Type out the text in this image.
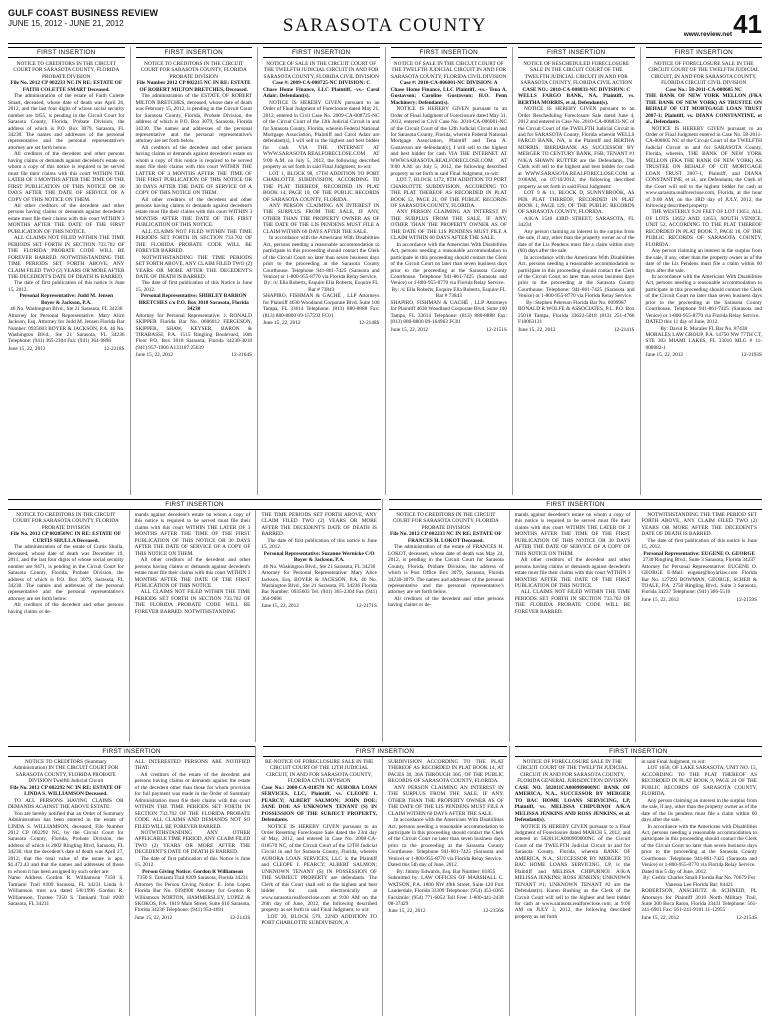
GULF COAST BUSINESS REVIEW
JUNE 15, 2012 - JUNE 21, 2012	SARASOTA COUNTY	www.review.net 41
FIRST INSERTION

NOTICE TO CREDITORS IN THE CIRCUIT COURT FOR SARASOTA COUNTY, FLORIDA PROBATE DIVISION

File No. 2012 CP 002233 NC IN RE: ESTATE OF FAITH COLETTE SMART Deceased.

The administration of the estate of Faith Colette Smart, deceased, whose date of death was April 26, 2012, and the last four digits of whose social security number are 1855, is pending in the Circuit Court for Sarasota County, Florida, Probate Division, the address of which is P.O. Box 3079, Sarasota, FL 34230. The names and addresses of the personal representative and the personal representative's attorney are set forth below.

All creditors of the decedent and other persons having claims or demands against decedent's estate on whom a copy of this notice is required to be served must file their claims with this court WITHIN THE LATER OF 3 MONTHS AFTER THE TIME OF THE FIRST PUBLICATION OF THIS NOTICE OR 30 DAYS AFTER THE DATE OF SERVICE OF A COPY OF THIS NOTICE ON THEM.

All other creditors of the decedent and other persons having claims or demands against decedent's estate must file their claims with this court WITHIN 3 MONTHS AFTER THE DATE OF THE FIRST PUBLICATION OF THIS NOTICE.

ALL CLAIMS NOT FILED WITHIN THE TIME PERIODS SET FORTH IN SECTION 733.702 OF THE FLORIDA PROBATE CODE WILL BE FOREVER BARRED. NOTWITHSTANDING THE TIME PERIODS SET FORTH ABOVE, ANY CLAIM FILED TWO (2) YEARS OR MORE AFTER THE DECEDENT'S DATE OF DEATH IS BARRED.

The date of first publication of this notice is June 15, 2012.

Personal Representative: Judd M. Jensen

Boyer & Jackson, P.A.

46 No. Washington Blvd., Ste 21 Sarasota, FL 34236

Attorney for Personal Representative: Mary Alice Jackson, Esq. Attorney for Judd M. Jensen Florida Bar Number: 0935603 BOYER & JACKSON, P.A. 46 No. Washington Blvd., Ste 21 Sarasota, FL 34236 Telephone: (941) 365-2304 Fax: (941) 364-9896

June 15, 22, 2012	12-2218S
FIRST INSERTION

NOTICE TO CREDITORS IN THE CIRCUIT COURT FOR SARASOTA COUNTY, FLORIDA PROBATE DIVISION

File Number 2012 CP 002215 NC IN RE: ESTATE OF ROBERT MILTON BRETCHES, Deceased.

The administration of the ESTATE OF ROBERT MILTON BRETCHES, deceased, whose date of death was February 15, 2012, is pending in the Circuit Court for Sarasota County, Florida, Probate Division, the address of which is P.O. Box 3079, Sarasota, Florida 34230. The names and addresses of the personal representative and the personal representative's attorney are set forth below.

All creditors of the decedent and other persons having claims or demands against decedent's estate on whom a copy of this notice is required to be served must file their claims with this court WITHIN THE LATTER OF 3 MONTHS AFTER THE TIME OF THE FIRST PUBLICATION OF THIS NOTICE OR 30 DAYS AFTER THE DATE OF SERVICE OF A COPY OF THIS NOTICE ON THEM.

All other creditors of the decedent and other persons having claims or demands against decedent's estate must file their claims with this court WITHIN 3 MONTHS AFTER THE DATE OF THE FIRST PUBLICATION OF THIS NOTICE.

ALL CLAIMS NOT FILED WITHIN THE TIME PERIODS SET FORTH IN SECTION 733.702 OF THE FLORIDA PROBATE CODE WILL BE FOREVER BARRED.

NOTWITHSTANDING THE TIME PERIODS SET FORTH ABOVE, ANY CLAIM FILED TWO (2) YEARS OR MORE AFTER THE DECEDENT'S DATE OF DEATH IS BARRED.

The date of first publication of this Notice is June 15, 2012.

Personal Representative: SHIRLEY BARRON BRETCHES c/o P.O. Box 3018 Sarasota, Florida 34230

Attorney for Personal Representative: J. RONALD SKIPPER Florida Bar No. 0606812 FERGESON, SKIPPER, SHAW, KEYSER, BARON & TIRABASSI, P.A. 1515 Ringling Boulevard, 10th Floor P.O. Box 3018 Sarasota, Florida 34230-3018 (941) 957-1900 A131187.25639

June 15, 22, 2012	12-2164S
FIRST INSERTION

NOTICE OF SALE IN THE CIRCUIT COURT OF THE TWELFTH JUDICIAL CIRCUIT IN AND FOR SARASOTA COUNTY, FLORIDA CIVIL DIVISION

Case #: 2009-CA-008725-NC DIVISION: C

Chase Home Finance, LLC Plaintiff, -vs.- Carol Adair; Defendant(s).

NOTICE IS HEREBY GIVEN pursuant to an Order of Final Judgment of Foreclosure dated May 21, 2012, entered in Civil Case No. 2009-CA-008725-NC of the Circuit Court of the 12th Judicial Circuit in and for Sarasota County, Florida, wherein Federal National Mortgage Association, Plaintiff and Carol Adair are defendant(s), I will sell to the highest and best bidder for cash VIA THE INTERNET AT WWW.SARASOTA.REALFORECLOSE.COM AT 9:00 A.M. on July 5, 2012, the following described property as set forth in said Final Judgment, to-wit:

LOT 1, BLOCK 98, 17TH ADDITION TO PORT CHARLOTTE SUBDIVISION, ACCORDING TO THE PLAT THEREOF, RECORDED IN PLAT BOOK 14, PAGE 10, OF THE PUBLIC RECORDS OF SARASOTA COUNTY, FLORIDA.

ANY PERSON CLAIMING AN INTEREST IN THE SURPLUS FROM THE SALE, IF ANY, OTHER THAN THE PROPERTY OWNER AS OF THE DATE OF THE LIS PENDENS MUST FILE A CLAIM WITHIN 60 DAYS AFTER THE SALE.

In accordance with the Americans With Disabilities Act, persons needing a reasonable accommodation to participate in this proceeding should contact the Clerk of the Circuit Court no later than seven business days prior to the proceeding at the Sarasota County Courthouse. Telephone 941-861-7425 (Sarasota and Venice) or 1-800-955-8770 via Florida Relay Service.

By: /s/ Ella Roberts, Esquire Ella Roberts, Esquire FL Bar # 73843

SHAPIRO, FISHMAN & GACHÉ , LLP Attorneys for Plaintiff 4630 Woodland Corporate Blvd. Suite 100 Tampa, FL 33614 Telephone: (813) 880-8888 Fax: (813) 880-8800 09-157593 FC01

June 15, 22, 2012	12-2148S
FIRST INSERTION

NOTICE OF SALE IN THE CIRCUIT COURT OF THE TWELFTH JUDICIAL CIRCUIT IN AND FOR SARASOTA COUNTY, FLORIDA CIVIL DIVISION

Case #: 2010-CA-006001-NC DIVISION: A

Chase Home Finance, LLC Plaintiff, -vs.- Tena A. Gustavson; Caroline Gustavson; H.O. Penn Machinery; Defendant(s).

NOTICE IS HEREBY GIVEN pursuant to an Order of Final Judgment of Foreclosure dated May 31, 2012, entered in Civil Case No. 2010-CA-006001-NC of the Circuit Court of the 12th Judicial Circuit in and for Sarasota County, Florida, wherein Federal National Mortgage Association, Plaintiff and Tena A. Gustavson are defendant(s), I will sell to the highest and best bidder for cash VIA THE INTERNET AT WWW.SARASOTA.REALFORECLOSE.COM AT 9:00 A.M. on July 5, 2012, the following described property as set forth in said Final Judgment, to-wit:

LOT 7, BLOCK 1172, 8TH ADDITION TO PORT CHARLOTTE SUBDIVISION, ACCORDING TO THE PLAT THEREOF AS RECORDED IN PLAT BOOK 12, PAGE 21, OF THE PUBLIC RECORDS OF SARASOTA COUNTY, FLORIDA.

ANY PERSON CLAIMING AN INTEREST IN THE SURPLUS FROM THE SALE, IF ANY, OTHER THAN THE PROPERTY OWNER AS OF THE DATE OF THE LIS PENDENS MUST FILE A CLAIM WITHIN 60 DAYS AFTER THE SALE.

In accordance with the Americans With Disabilities Act, persons needing a reasonable accommodation to participate in this proceeding should contact the Clerk of the Circuit Court no later than seven business days prior to the proceeding at the Sarasota County Courthouse. Telephone 941-861-7425 (Sarasota and Venice) or 1-800-955-8770 via Florida Relay Service.

By: /s/ Ella Roberts, Esquire Ella Roberts, Esquire FL Bar # 73843

SHAPIRO, FISHMAN & GACHÉ , LLP Attorneys for Plaintiff 4630 Woodland Corporate Blvd. Suite 100 Tampa, FL 33614 Telephone: (813) 880-8888 Fax: (813) 880-8800 09-164963 FC01

June 15, 22, 2012	12-2151S
FIRST INSERTION

NOTICE OF RESCHEDULED FORECLOSURE SALE IN THE CIRCUIT COURT OF THE TWELFTH JUDICIAL CIRCUIT IN AND FOR SARASOTA COUNTY, FLORIDA CIVIL ACTION

CASE NO.: 2010-CA-008833-NC DIVISION: C

WELLS FARGO BANK, NA, Plaintiff, vs. BERTHA MORRIS, et al, Defendant(s).

NOTICE IS HEREBY GIVEN pursuant to an Order Rescheduling Foreclosure Sale dated June 4, 2012 and entered in Case No. 2010-CA-008833-NC of the Circuit Court of the TWELFTH Judicial Circuit in and for SARASOTA County, Florida wherein WELLS FARGO BANK, NA, is the Plaintiff and BERTHA MORRIS; IBERIABANK AS SUCCESSOR BY MERGER TO CENTURY BANK, FSB; TENANT #1 N/K/A SHAWN RUTTER are the Defendants, The Clerk will sell to the highest and best bidder for cash at WWW.SARASOTA.REALFORECLOSE.COM at 9:00AM, on 07/10/2012, the following described property as set forth in said Final Judgment:

LOT 9 & 11, BLOCK D, SUNNYBROOK, AS PER PLAT THEREOF, RECORDED IN PLAT BOOK 1, PAGE 129, OF THE PUBLIC RECORDS OF SARASOTA COUNTY, FLORIDA.

A/K/A 1540 43RD STREET, SARASOTA, FL 34234

Any person claiming an interest in the surplus from the sale, if any, other than the property owner as of the date of the Lis Pendens must file a claim within sixty (60) days after the sale.

In accordance with the Americans With Disabilities Act, persons needing a reasonable accommodation to participate in this proceeding should contact the Clerk of the Circuit Court no later than seven business days prior to the proceeding at the Sarasota County Courthouse. Telephone: 941-861-7425 (Sarasota and Venice) or 1-800-955-8770 via Florida Relay Service.

By: Stephen Peterson Florida Bar No. 0099987

RONALD R WOLFE & ASSOCIATES, P.L. P.O. Box 25018 Tampa, Florida 33622-5018 (813) 251-4766 F10063131

June 15, 22, 2012	12-2141S
FIRST INSERTION

NOTICE OF FORECLOSURE SALE IN THE CIRCUIT COURT OF THE TWELFTH JUDICIAL CIRCUIT, IN AND FOR SARASOTA COUNTY, FLORIDA CIRCUIT CIVIL DIVISION

Case No.: 58-2011-CA-008605 NC

THE BANK OF NEW YORK MELLON (FKA THE BANK OF NEW YORK) AS TRUSTEE ON BEHALF OF CIT MORTGAGE LOAN TRUST 2007-1; Plaintiff, vs. DIANA CONSTANTINE, et al., Defendants.

NOTICE IS HEREBY GIVEN pursuant to an Order or Final Judgment entered in Case No. 58-2011-CA-008605 NC of the Circuit Court of the TWELFTH Judicial Circuit in and for SARASOTA County, Florida, wherein, THE BANK OF NEW YORK MELLON (FKA THE BANK OF NEW YORK) AS TRUSTEE ON BEHALF OF CIT MORTGAGE LOAN TRUST 2007-1, Plaintiff, and DIANA CONSTANTINE, et al., are Defendants, the Clerk of the Court will sell to the highest bidder for cash at www.sarasota.realforeclose.com, Florida, at the hour of 9:00 AM, on the 3RD day of JULY, 2012, the following described property:

THE WESTERLY 9.26 FEET OF LOT 13651, ALL OF LOTS 13652 AND 13653, SOUTH VENICE, UNIT 52, ACCORDING TO THE PLAT THEREOF RECORDED IN PLAT BOOK 7, PAGE 18, OF THE PUBLIC RECORDS OF SARASOTA COUNTY, FLORIDA.

Any person claiming an interest in the surplus from the sale, if any, other than the property owner as of the date of the Lis Pendens must file a claim within 60 days after the sale.

In accordance with the Americans With Disabilities Act, persons needing a reasonable accommodation to participate in this proceeding should contact the Clerk of the Circuit Court no later than seven business days prior to the proceeding at the Sarasota County Courthouse. Telephone 941-861-7425 (Sarasota and Venice) or 1-800-955-8770 via Florida Relay Service.

DATED this 11 day of June, 2012.

By: David R. Morales FL Bar No. 87438

MORALES LAW GROUP, P.A. 14750 NW 77TH CT, STE 303 MIAMI LAKES, FL 33016 MLG # 11-000082-1

June 15, 22, 2012	12-2193S

NOTICE TO CREDITORS IN THE CIRCUIT COURT FOR SARASOTA COUNTY, FLORIDA PROBATE DIVISION

File No. 2012 CP 002050NC IN RE: ESTATE OF CURTIS SHULLA Deceased.

The administration of the estate of Curtis Shulla, deceased, whose date of death was December 19, 2011, and the last four digits of whose social security number are 8471, is pending in the Circuit Court for Sarasota County, Florida, Probate Division, the address of which is P.O. Box 3079, Sarasota, FL 34230. The names and addresses of the personal representative and the personal representative's attorney are set forth below.

All creditors of the decedent and other persons having claims or de-

mands against decedent's estate on whom a copy of this notice is required to be served must file their claims with this court WITHIN THE LATER OF 3 MONTHS AFTER THE TIME OF THE FIRST PUBLICATION OF THIS NOTICE OR 30 DAYS AFTER THE DATE OF SERVICE OF A COPY OF THIS NOTICE ON THEM.

All other creditors of the decedent and other persons having claims or demands against decedent's estate must file their claims with this court WITHIN 3 MONTHS AFTER THE DATE OF THE FIRST PUBLICATION OF THIS NOTICE.

ALL CLAIMS NOT FILED WITHIN THE TIME PERIODS SET FORTH IN SECTION 733.702 OF THE FLORIDA PROBATE CODE WILL BE FOREVER BARRED. NOTWITHSTANDING

THE TIME PERIODS SET FORTH ABOVE, ANY CLAIM FILED TWO (2) YEARS OR MORE AFTER THE DECEDENT'S DATE OF DEATH IS BARRED.

The date of first publication of this notice is June 15, 2012.

Personal Representative: Suzanne Wernicke C/O Boyer & Jackson, P.A.

46 No. Washington Blvd., Ste 21 Sarasota, FL 34236

Attorney for Personal Representative: Mary Alice Jackson, Esq. BOYER & JACKSON, P.A. 46 No. Washington Blvd., Ste 21 Sarasota, FL 34236 Florida Bar Number: 0935603 Tel. (941) 365-2304 Fax (941) 364-9896

June 15, 22, 2012	12-2171S

NOTICE TO CREDITORS IN THE CIRCUIT COURT FOR SARASOTA COUNTY, FLORIDA PROBATE DIVISION

File No. 2012 CP 002233 NC IN RE: ESTATE OF FRANCES H. LOKOT Deceased.

The administration of the estate of FRANCES H. LOKOT, deceased, whose date of death was May 24, 2012, is pending in the Circuit Court for Sarasota County, Florida, Probate Division, the address of which is Post Office Box 3079, Sarasota, Florida 34230-3079. The names and addresses of the personal representative and the personal representative's attorney are set forth below.

All creditors of the decedent and other persons having claims or de-

mands against decedent's estate on whom a copy of this notice is required to be served must file their claims with this court WITHIN THE LATER OF 3 MONTHS AFTER THE TIME OF THE FIRST PUBLICATION OF THIS NOTICE OR 30 DAYS AFTER THE DATE OF SERVICE OF A COPY OF THIS NOTICE ON THEM.

All other creditors of the decedent and other persons having claims or demands against decedent's estate must file their claims with this court WITHIN 3 MONTHS AFTER THE DATE OF THE FIRST PUBLICATION OF THIS NOTICE.

ALL CLAIMS NOT FILED WITHIN THE TIME PERIODS SET FORTH IN SECTION 733.702 OF THE FLORIDA PROBATE CODE WILL BE FOREVER BARRED.

NOTWITHSTANDING THE TIME PERIOD SET FORTH ABOVE, ANY CLAIM FILED TWO (2) YEARS OR MORE AFTER THE DECEDENT'S DATE OF DEATH IS BARRED.

The date of first publication of this notice is June 15, 2012.

Personal Representative: EUGENE O. GEORGE

2730 Ringling Blvd., Suite 3 Sarasota, Florida 34237

Attorney for Personal Representative: EUGENE O. GEORGE E-Mail: eugene@boyarlaw.com Florida Bar No. 127293 BOWMAN, GEORGE, SCHEB & TOALE, P.A. 2750 Ringling Blvd., Suite 3 Sarasota, Florida 34237 Telephone: (941) 366-5510

June 15, 22, 2012	12-2159S
FIRST INSERTION	FIRST INSERTION

NOTICE TO CREDITORS (Summary Administration) IN THE CIRCUIT COURT FOR SARASOTA COUNTY, FLORIDA PROBATE DIVISION Twelfth Judicial Circuit

File No. 2012 CP 002292 NC IN RE: ESTATE OF LINDA S. WILLIAMSON Deceased.

TO ALL PERSONS HAVING CLAIMS OR DEMANDS AGAINST THE ABOVE ESTATE:

You are hereby notified that an Order of Summary Administration has been entered in the estate of LINDA S. WILLIAMSON, deceased, File Number 2012 CP 002292 NC, by the Circuit Court for Sarasota County, Florida, Probate Division, the address of which is 2002 Ringling Blvd, Sarasota, FL 34236; that the decedent's date of death was April 27, 2012; that the total value of the estate is apx. $1,472.43 and that the names and addresses of those to whom it has been assigned by such order are:

Name Address Gordon R. Williamson 7350 S. Tamiami Trail #209 Sarasota, FL 34231 Linda S. Williamson trust n/a dated 5/8/1996 Gordon R. Williamson, Trustee 7350 S. Tamiami Trail #209 Sarasota, FL 34231

ALL INTERESTED PERSONS ARE NOTIFIED THAT:

All creditors of the estate of the decedent and persons having claims or demands against the estate of the decedent other than those for whom provision for full payment was made in the Order of Summary Administration must file their claims with this court WITHIN THE TIME PERIODS SET FORTH IN SECTION 733.702 OF THE FLORIDA PROBATE CODE. ALL CLAIMS AND DEMANDS NOT SO FILED WILL BE FOREVER BARRED.

NOTWITHSTANDING ANY OTHER APPLICABLE TIME PERIOD, ANY CLAIM FILED TWO (2) YEARS OR MORE AFTER THE DECEDENT'S DATE OF DEATH IS BARRED.

The date of first publication of this Notice is June 15, 2012.

Person Giving Notice: Gordon R Williamson

7350 S. Tamiami Trail #209 Sarasota, Florida 34231

Attorney for Person Giving Notice: E. John Lopez Florida Bar No. 0394900 Attorney for Gordon R Williamson NORTON, HAMMERSLEY, LOPEZ & SKOKOS, P.A. 1819 Main Street, Suite 610 Sarasota, Florida 34236 Telephone: (941) 954-4691

June 15, 22, 2012	12-2143S

RE-NOTICE OF FORECLOSURE SALE IN THE CIRCUIT COURT OF THE 12TH JUDICIAL CIRCUIT, IN AND FOR SARASOTA COUNTY, FLORIDA CIVIL DIVISION

Case No.: 2008-CA-018570 NC AURORA LOAN SERVICES, LLC, Plaintiff, vs. CLEOPE I. PEARCY; ALBERT SALMON; JOHN DOE; JANE DOE AS UNKNOWN TENANT (S) IN POSSESSION OF THE SUBJECT PROPERTY, Defendants.

NOTICE IS HEREBY GIVEN pursuant to an Order Resetting Foreclosure Sale dated the 23rd day of May, 2012, and entered in Case No. 2008-CA-018570 NC, of the Circuit Court of the 12TH Judicial Circuit in and for Sarasota County, Florida, wherein AURORA LOAN SERVICES, LLC is the Plaintiff and CLEOPE I. PEARCY; ALBERT SALMON; UNKNOWN TENANT (S) IN POSSESSION OF THE SUBJECT PROPERTY are defendants. The Clerk of this Court shall sell to the highest and best bidder for cash electronically at www.sarasota.realforeclose.com at 9:00 AM on the 26th day of June, 2012, the following described property as set forth in said Final Judgment, to wit:

LOT 20, BLOCK 579, 22ND ADDITION TO PORT CHARLOTTE SUBDIVISION, A

SUBDIVISION ACCORDING TO THE PLAT THEREOF AS RECORDED IN PLAT BOOK 14, AT PAGES 30, 30A THROUGH 30G, OF THE PUBLIC RECORDS OF SARASOTA COUNTY, FLORIDA.

ANY PERSON CLAIMING AN INTEREST IN THE SURPLUS FROM THE SALE, IF ANY, OTHER THAN THE PROPERTY OWNER AS OF THE DATE OF THE LIS PENDENS MUST FILE A CLAIM WITHIN 60 DAYS AFTER THE SALE.

In accordance with the Americans With Disabilities Act, persons needing a reasonable accommodation to participate in this proceeding should contact the Clerk of the Circuit Court no later than seven business days prior to the proceeding at the Sarasota County Courthouse. Telephone 941-861-7425 (Sarasota and Venice) or 1-800-955-8770 via Florida Relay Service.

Dated this 5th day of June, 2012.

By: Jimmy Edwards, Esq. Bar Number: 81855

Submitted by: LAW OFFICES OF MARSHALL C. WATSON, P.A. 1800 NW 49th Street, Suite 120 Fort Lauderdale, Florida 33309 Telephone: (954) 453-0365 Facsimile: (954) 771-6052 Toll Free: 1-800-441-2438 08-37429

June 15, 22, 2012	12-2156S

NOTICE OF FORECLOSURE SALE IN THE CIRCUIT COURT OF THE TWELFTH JUDICIAL CIRCUIT IN AND FOR SARASOTA COUNTY, FLORIDA GENERAL JURISDICTION DIVISION

CASE NO. 582011CA000909000NC BANK OF AMERICA, N.A., SUCCESSOR BY MERGER TO BAC HOME LOANS SERVICING, LP, Plaintiff, vs. MELISSA CHIPURNOI A/K/A MELISSA JENKINS AND ROSS JENKINS, et al. Defendant(s).

NOTICE IS HEREBY GIVEN pursuant to a Final Judgment of Foreclosure dated MARCH 5, 2012, and entered in 582011CA000909000NC of the Circuit Court of the TWELFTH Judicial Circuit in and for Sarasota County, Florida, wherein BANK OF AMERICA, N.A., SUCCESSOR BY MERGER TO BAC HOME LOANS SERVICING, LP, is the Plaintiff and MELISSA CHIPURNOI A/K/A MELISSA JENKINS; ROSS JENKINS; UNKNOWN TENANT #1; UNKNOWN TENANT #2 are the Defendant(s). Karen Rushing as the Clerk of the Circuit Court will sell to the highest and best bidder for cash at www.sarasota.realforeclose.com, at 9:00 AM on JULY 3, 2012, the following described property as set forth

in said Final Judgment, to wit:

LOT 1658, OF LAKE SARASOTA, UNIT NO. 15, ACCORDING TO THE PLAT THEREOF AS RECORDED IN PLAT BOOK 9, PAGE 24 OF THE PUBLIC RECORDS OF SARASOTA COUNTY, FLORIDA.

Any person claiming an interest in the surplus from the sale, if any, other than the property owner as of the date of the lis pendens must file a claim within 60 days after the sale.

In accordance with the Americans with Disabilities Act, persons needing a reasonable accommodation to participate in this proceeding should contact the Clerk of the Circuit Court no later than seven business days prior to the proceeding at the Sarasota County Courthouse. Telephone 941-861-7425 (Sarasota and Venice) or 1-800-955-8770 via Florida Relay Service.

Dated this 5 day of June, 2012.

By: Cedric Charles Small Florida Bar No. 70679 For Vanessa Lee Florida Bar: 84421

ROBERTSON, ANSCHUTZ & SCHNEID, PL Attorneys for Plaintiff 3010 North Military Trail, Suite 300 Boca Raton, Florida 33431 Telephone: 561-241-6901 Fax: 561-241-9181 11-12955

June 15, 22, 2012	12-2154S
FIRST INSERTION	FIRST INSERTION	FIRST INSERTION
